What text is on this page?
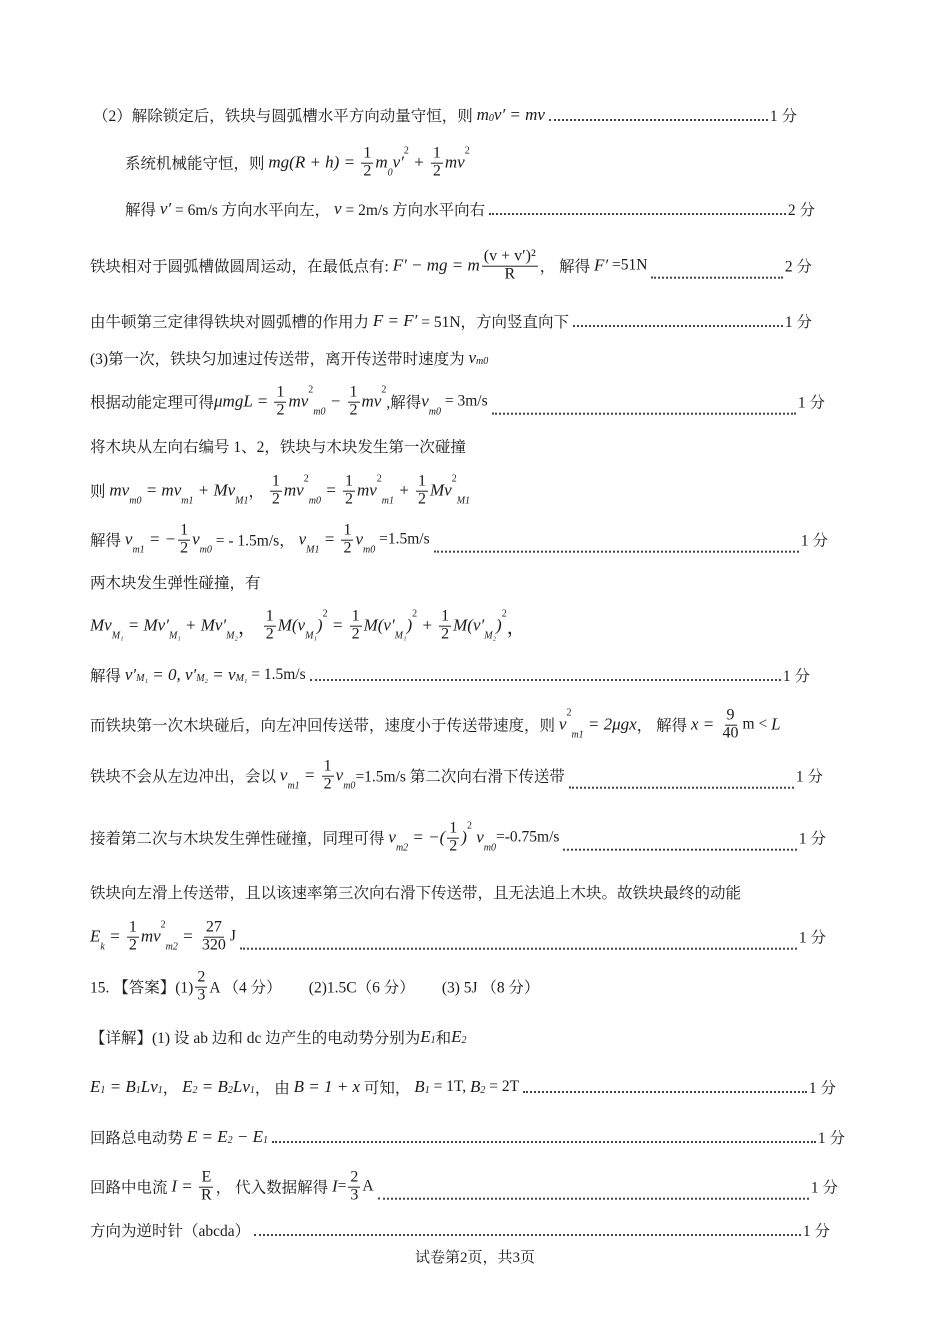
（2）解除锁定后，铁块与圆弧槽水平方向动量守恒，则 m 0 v′ = mv	1 分
系统机械能守恒，则 $mg(R + h) = \frac{1}{2}$ m
0
v′
2
+ $\frac{1}{2}$ mv
2
解得 v′ = 6m/s 方向水平向左， v = 2m/s 方向水平向右	2 分
铁块相对于圆弧槽做圆周运动，在最低点有: F′ − mg = m $\frac{\text{(v + v′)²}}{R}$ ， 解得 F′ =51N	2 分
由牛顿第三定律得铁块对圆弧槽的作用力 F = F′ = 51N，方向竖直向下	1 分
(3)第一次，铁块匀加速过传送带，离开传送带时速度为 v m0
根据动能定理可得 $\mu mgL = \frac{1}{2}$ mv
2
m0
− $\frac{1}{2}$ mv
2
,解得 v
m0
= 3m/s	1 分
将木块从左向右编号 1、2，铁块与木块发生第一次碰撞
则 mv
m0
= mv
m1
+ Mv
M1 ， $\frac{1}{2}$ mv
2
m0
= $\frac{1}{2}$ mv
2
m1
+ $\frac{1}{2}$ Mv
2
M1
解得 v
m1
= − $\frac{1}{2}$ v
m0 = - 1.5m/s， v
M1
= $\frac{1}{2}$ v
m0
=1.5m/s	1 分
两木块发生弹性碰撞，有
Mv
M₁
= Mv′
M₁
+ Mv′
M₂ ， $\frac{1}{2} M(v$
M₁
)
2
= $\frac{1}{2} M(v'$
M₁
)
2
+ $\frac{1}{2} M(v'$
M₂
)
2
，
解得 v′ M₁ = 0, v′ M₂ = v M₁ = 1.5m/s	1 分
而铁块第一次木块碰后，向左冲回传送带，速度小于传送带速度，则 v
2
m1
= 2μgx ， 解得 $x = \frac{9}{40}$ m < L
铁块不会从左边冲出，会以 v
m1
= $\frac{1}{2}$ v
m0 =1.5m/s 第二次向右滑下传送带	1 分
接着第二次与木块发生弹性碰撞，同理可得 v
m2
= −( $\frac{1}{2}$ )
2
v
m0
=-0.75m/s	1 分
铁块向左滑上传送带，且以该速率第三次向右滑下传送带，且无法追上木块。故铁块最终的动能
E
k
= $\frac{1}{2}$ mv
2
m2
= $\frac{27}{320}$ J	1 分
15. 【答案】$(1) \frac{2}{3}$ A （4 分）　　 (2)1.5C（6 分）　　 (3) 5J （8 分）
【详解】(1) 设 ab 边和 dc 边产生的电动势分别为 E 1 和 E 2
E 1 = B 1 Lv 1 ， E 2 = B 2 Lv 1 ， 由 B = 1 + x 可知， B 1 = 1T, B 2 = 2T	1 分
回路总电动势 E = E 2 − E 1	1 分
回路中电流 $I = \frac{E}{R}$ ， 代入数据解得 $I = \frac{2}{3}$ A	1 分
方向为逆时针（abcda）	1 分
试卷第2页，共3页
